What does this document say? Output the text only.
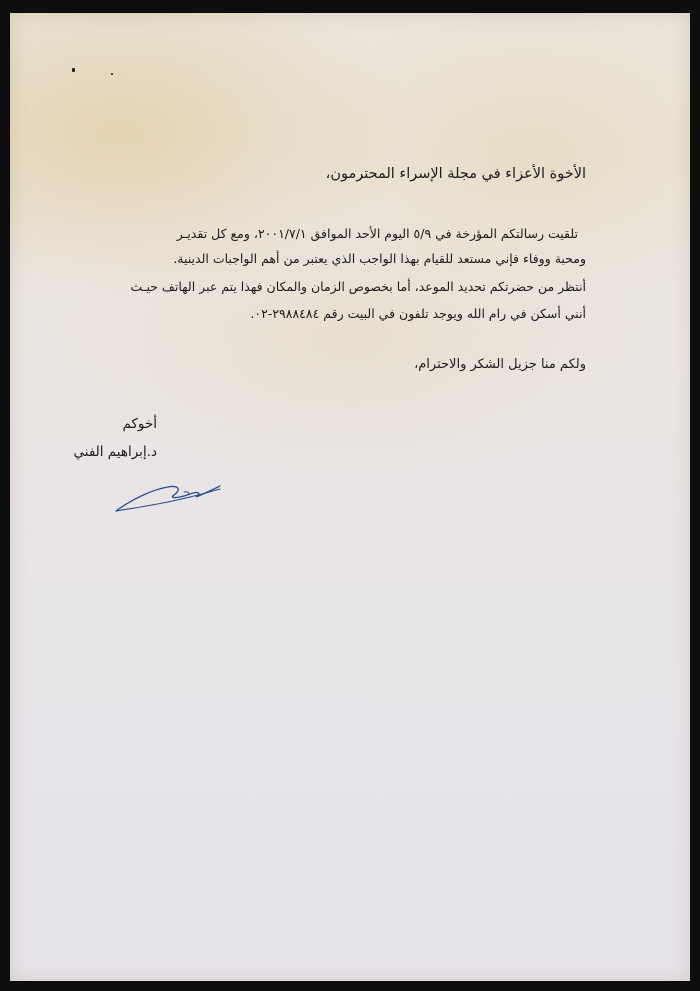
الأخوة الأعزاء في مجلة الإسراء المحترمون،
تلقيت رسالتكم المؤرخة في ٥/٩ اليوم الأحد الموافق ٢٠٠١/٧/١، ومع كل تقديـر
ومحبة ووفاء فإني مستعد للقيام بهذا الواجب الذي يعتبر من أهم الواجبات الدينية.
أنتظر من حضرتكم تحديد الموعد، أما بخصوص الزمان والمكان فهذا يتم عبر الهاتف حيـث
أنني أسكن في رام الله ويوجد تلفون في البيت رقم ٢٩٨٨٤٨٤-٠٢.
ولكم منا جزيل الشكر والاحترام،
أخوكم
د.إبراهيم الفني
